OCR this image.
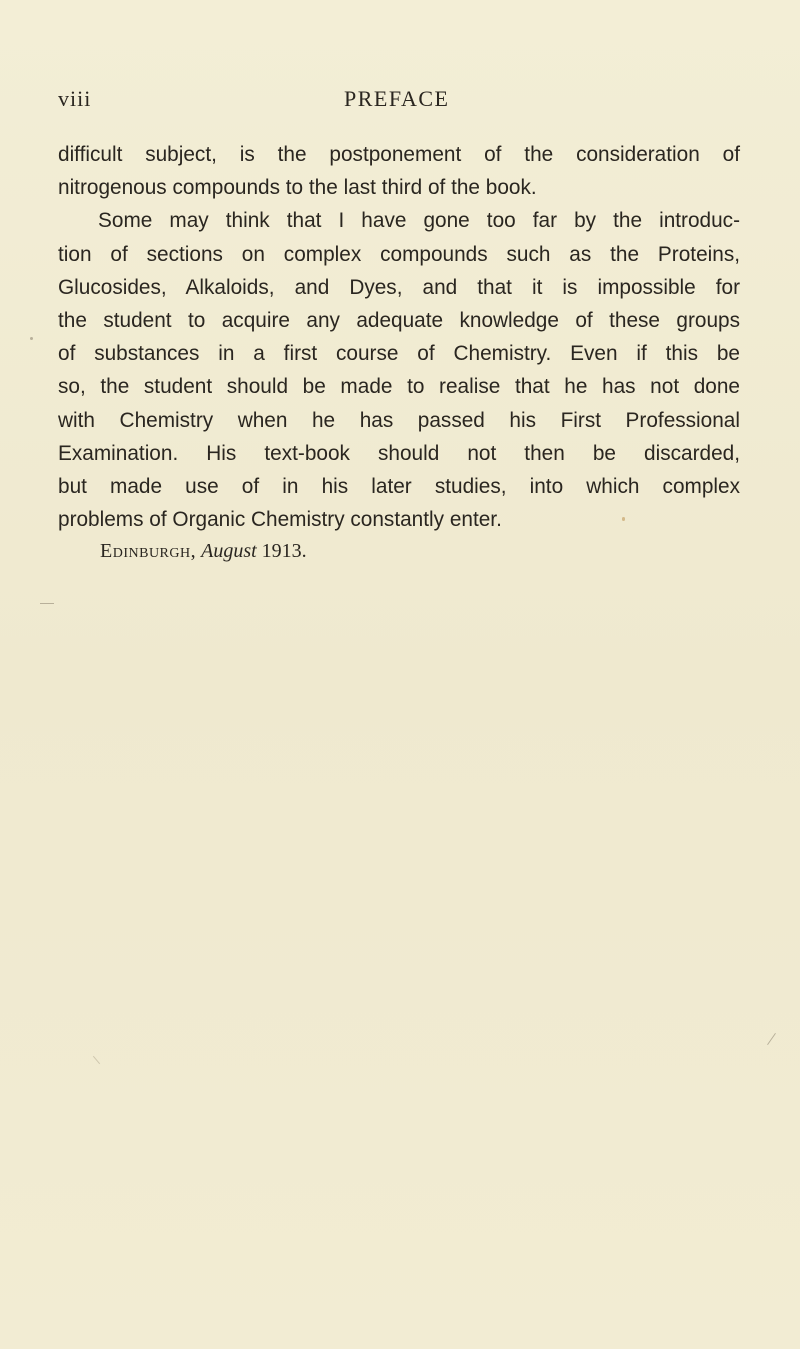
viii	PREFACE
difficult subject, is the postponement of the consideration of
nitrogenous compounds to the last third of the book.
Some may think that I have gone too far by the introduc-
tion of sections on complex compounds such as the Proteins,
Glucosides, Alkaloids, and Dyes, and that it is impossible for
the student to acquire any adequate knowledge of these groups
of substances in a first course of Chemistry. Even if this be
so, the student should be made to realise that he has not done
with Chemistry when he has passed his First Professional
Examination. His text-book should not then be discarded,
but made use of in his later studies, into which complex
problems of Organic Chemistry constantly enter.
Edinburgh, August 1913.
